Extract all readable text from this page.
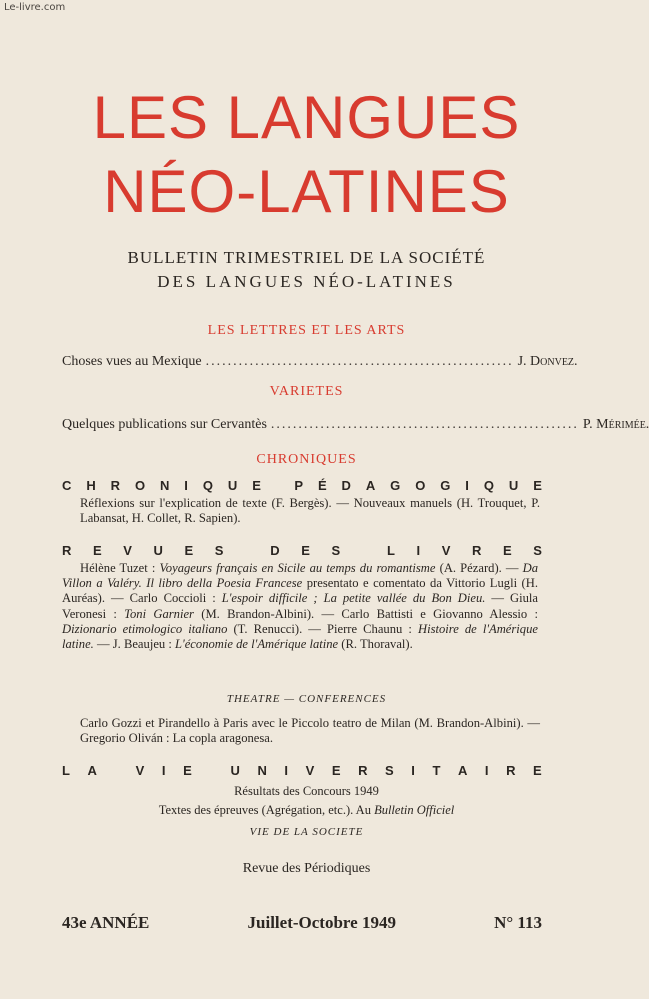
Le-livre.com
LES LANGUES
NÉO-LATINES
BULLETIN TRIMESTRIEL DE LA SOCIÉTÉ
DES LANGUES NÉO-LATINES
LES LETTRES ET LES ARTS
Choses vues au Mexique ........................................................ J. Donvez.
VARIETES
Quelques publications sur Cervantès ........................................................ P. Mérimée.
CHRONIQUES
C H R O N I Q U E
	P É D A G O G I Q U E
Réflexions sur l'explication de texte (F. Bergès). — Nouveaux manuels (H. Trouquet, P. Labansat, H. Collet, R. Sapien).
R E V U E S
	D E S
	L I V R E S
Hélène Tuzet : Voyageurs français en Sicile au temps du romantisme (A. Pézard). — Da Villon a Valéry. Il libro della Poesia Francese presentato e comentato da Vittorio Lugli (H. Auréas). — Carlo Coccioli : L'espoir difficile ; La petite vallée du Bon Dieu. — Giula Veronesi : Toni Garnier (M. Brandon-Albini). — Carlo Battisti e Giovanno Alessio : Dizionario etimologico italiano (T. Renucci). — Pierre Chaunu : Histoire de l'Amérique latine. — J. Beaujeu : L'économie de l'Amérique latine (R. Thoraval).
THEATRE — CONFERENCES
Carlo Gozzi et Pirandello à Paris avec le Piccolo teatro de Milan (M. Brandon-Albini). — Gregorio Oliván : La copla aragonesa.
L A
	V I E
	U N I V E R S I T A I R E
Résultats des Concours 1949
Textes des épreuves (Agrégation, etc.). Au Bulletin Officiel
VIE DE LA SOCIETE
Revue des Périodiques
43e ANNÉE	Juillet-Octobre 1949	N° 113
